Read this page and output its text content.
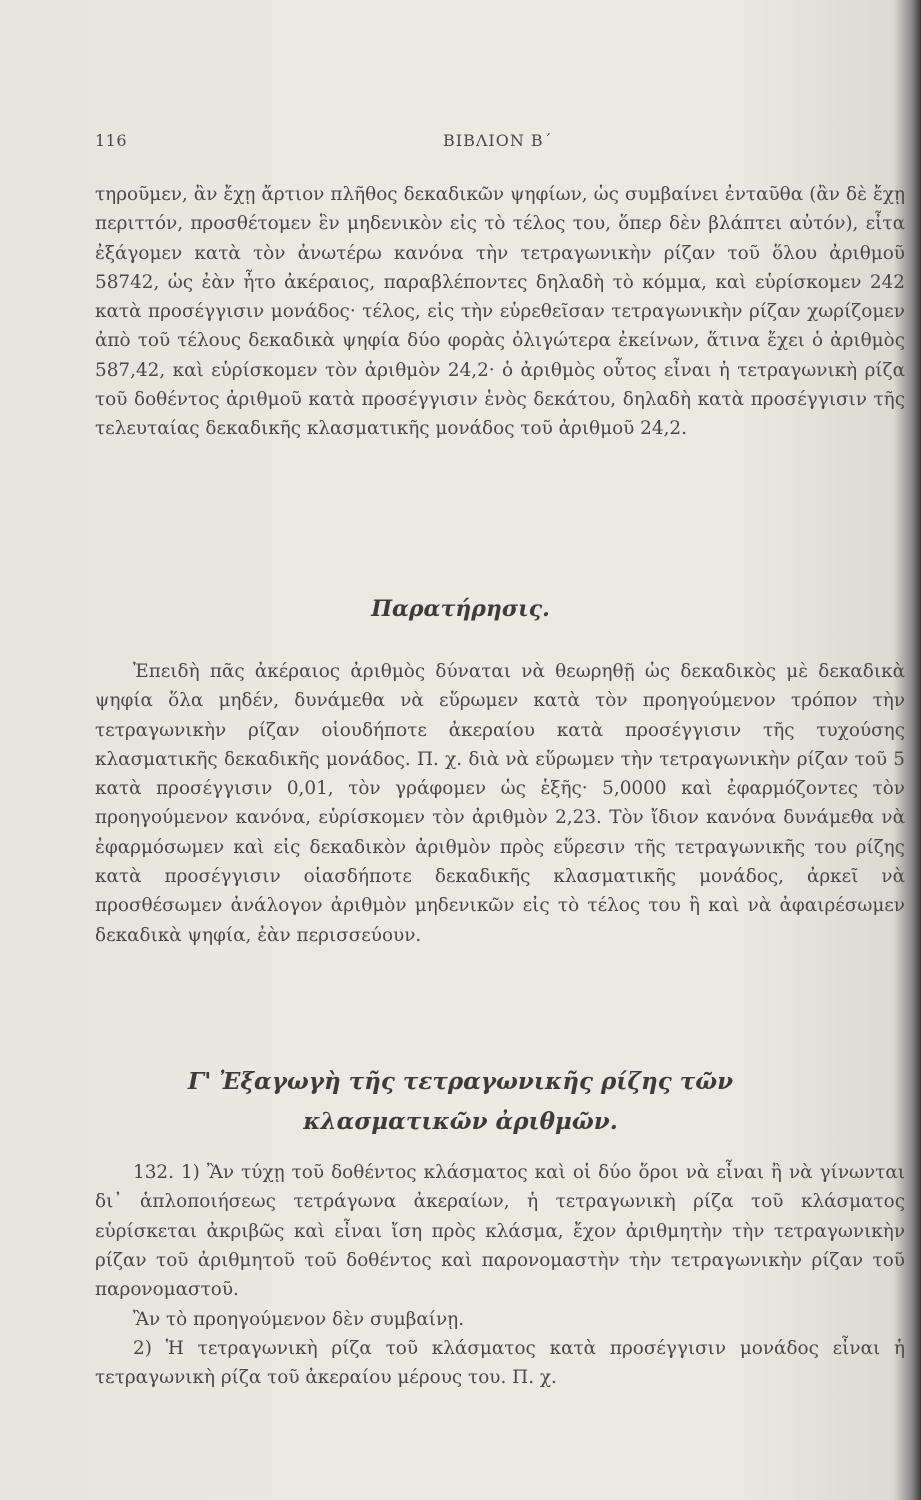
116	ΒΙΒΛΙΟΝ Β΄

τηροῦμεν, ἂν ἔχῃ ἄρτιον πλῆθος δεκαδικῶν ψηφίων, ὡς συμβαίνει ἐνταῦθα (ἂν δὲ ἔχῃ περιττόν, προσθέτομεν ἓν μηδενικὸν εἰς τὸ τέλος του, ὅπερ δὲν βλάπτει αὐτόν), εἶτα ἐξάγομεν κατὰ τὸν ἀνωτέρω κανόνα τὴν τετραγωνικὴν ρίζαν τοῦ ὅλου ἀριθμοῦ 58742, ὡς ἐὰν ἦτο ἀκέραιος, παραβλέποντες δηλαδὴ τὸ κόμμα, καὶ εὑρίσκομεν 242 κατὰ προσέγγισιν μονάδος· τέλος, εἰς τὴν εὑρεθεῖσαν τετραγωνικὴν ρίζαν χωρίζομεν ἀπὸ τοῦ τέλους δεκαδικὰ ψηφία δύο φορὰς ὀλιγώτερα ἐκείνων, ἅτινα ἔχει ὁ ἀριθμὸς 587,42, καὶ εὑρίσκομεν τὸν ἀριθμὸν 24,2· ὁ ἀριθμὸς οὗτος εἶναι ἡ τετραγωνικὴ ρίζα τοῦ δοθέντος ἀριθμοῦ κατὰ προσέγγισιν ἑνὸς δεκάτου, δηλαδὴ κατὰ προσέγγισιν τῆς τελευταίας δεκαδικῆς κλασματικῆς μονάδος τοῦ ἀριθμοῦ 24,2.

Παρατήρησις.

Ἐπειδὴ πᾶς ἀκέραιος ἀριθμὸς δύναται νὰ θεωρηθῇ ὡς δεκαδικὸς μὲ δεκαδικὰ ψηφία ὅλα μηδέν, δυνάμεθα νὰ εὕρωμεν κατὰ τὸν προηγούμενον τρόπον τὴν τετραγωνικὴν ρίζαν οἱουδήποτε ἀκεραίου κατὰ προσέγγισιν τῆς τυχούσης κλασματικῆς δεκαδικῆς μονάδος. Π. χ. διὰ νὰ εὕρωμεν τὴν τετραγωνικὴν ρίζαν τοῦ 5 κατὰ προσέγγισιν 0,01, τὸν γράφομεν ὡς ἑξῆς· 5,0000 καὶ ἐφαρμόζοντες τὸν προηγούμενον κανόνα, εὑρίσκομεν τὸν ἀριθμὸν 2,23. Τὸν ἴδιον κανόνα δυνάμεθα νὰ ἐφαρμόσωμεν καὶ εἰς δεκαδικὸν ἀριθμὸν πρὸς εὕρεσιν τῆς τετραγωνικῆς του ρίζης κατὰ προσέγγισιν οἱασδήποτε δεκαδικῆς κλασματικῆς μονάδος, ἀρκεῖ νὰ προσθέσωμεν ἀνάλογον ἀριθμὸν μηδενικῶν εἰς τὸ τέλος του ἢ καὶ νὰ ἀφαιρέσωμεν δεκαδικὰ ψηφία, ἐὰν περισσεύουν.

Γ' Ἐξαγωγὴ τῆς τετραγωνικῆς ρίζης τῶν
κλασματικῶν ἀριθμῶν.

132. 1) Ἂν τύχῃ τοῦ δοθέντος κλάσματος καὶ οἱ δύο ὅροι νὰ εἶναι ἢ νὰ γίνωνται δι᾽ ἁπλοποιήσεως τετράγωνα ἀκεραίων, ἡ τετραγωνικὴ ρίζα τοῦ κλάσματος εὑρίσκεται ἀκριβῶς καὶ εἶναι ἴση πρὸς κλάσμα, ἔχον ἀριθμητὴν τὴν τετραγωνικὴν ρίζαν τοῦ ἀριθμητοῦ τοῦ δοθέντος καὶ παρονομαστὴν τὴν τετραγωνικὴν ρίζαν τοῦ παρονομαστοῦ.

Ἂν τὸ προηγούμενον δὲν συμβαίνῃ.

2) Ἡ τετραγωνικὴ ρίζα τοῦ κλάσματος κατὰ προσέγγισιν μονάδος εἶναι ἡ τετραγωνικὴ ρίζα τοῦ ἀκεραίου μέρους του. Π. χ.
